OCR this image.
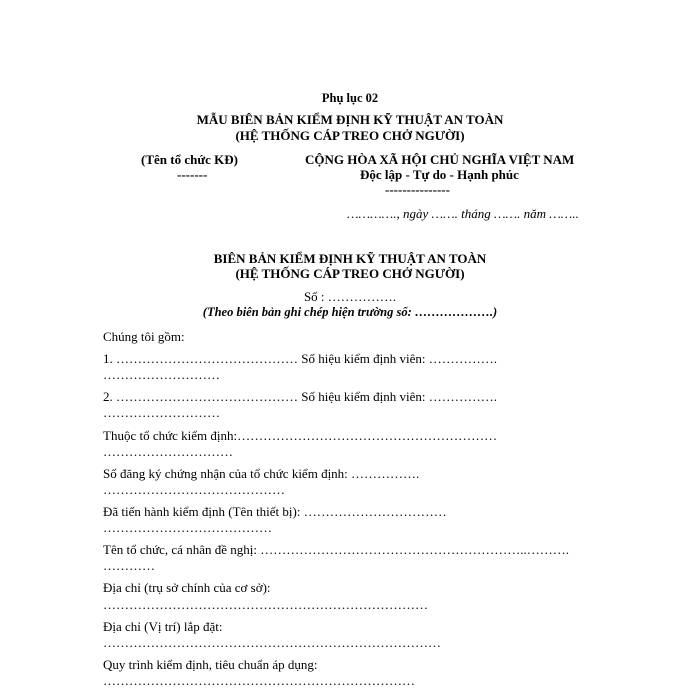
Phụ lục 02
MẪU BIÊN BẢN KIỂM ĐỊNH KỸ THUẬT AN TOÀN
(HỆ THỐNG CÁP TREO CHỞ NGƯỜI)
(Tên tổ chức KĐ)
-------
CỘNG HÒA XÃ HỘI CHỦ NGHĨA VIỆT NAM
Độc lập - Tự do - Hạnh phúc
---------------
…………., ngày ……. tháng ……. năm ……..
BIÊN BẢN KIỂM ĐỊNH KỸ THUẬT AN TOÀN
(HỆ THỐNG CÁP TREO CHỞ NGƯỜI)
Số : …………….
(Theo biên bản ghi chép hiện trường số: ……………….)
Chúng tôi gồm:
1. …………………………………… Số hiệu kiểm định viên: …………….
………………………
2. …………………………………… Số hiệu kiểm định viên: …………….
………………………
Thuộc tổ chức kiểm định:……………………………………………………
…………………………
Số đăng ký chứng nhận của tổ chức kiểm định: …………….
……………………………………
Đã tiến hành kiểm định (Tên thiết bị): ……………………………
…………………………………
Tên tổ chức, cá nhân đề nghị: ……………………………………………………..……….
…………
Địa chỉ (trụ sở chính của cơ sở):
…………………………………………………………………
Địa chỉ (Vị trí) lắp đặt:
……………………………………………………………………
Quy trình kiểm định, tiêu chuẩn áp dụng:
………………………………………………………………
